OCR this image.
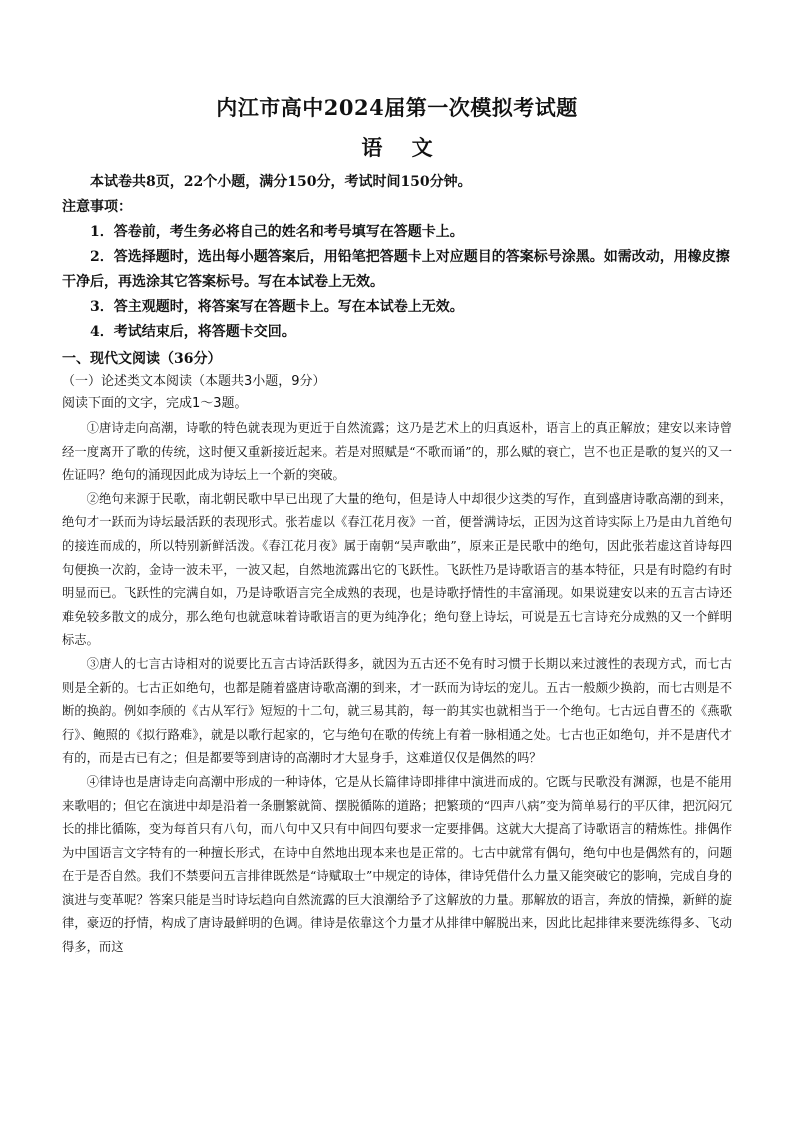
内江市高中2024届第一次模拟考试题
语 文

本试卷共8页，22个小题，满分150分，考试时间150分钟。

注意事项：

1．答卷前，考生务必将自己的姓名和考号填写在答题卡上。

2．答选择题时，选出每小题答案后，用铅笔把答题卡上对应题目的答案标号涂黑。如需改动，用橡皮擦干净后，再选涂其它答案标号。写在本试卷上无效。

3．答主观题时，将答案写在答题卡上。写在本试卷上无效。

4．考试结束后，将答题卡交回。

一、现代文阅读（36分）

（一）论述类文本阅读（本题共3小题，9分）

阅读下面的文字，完成1～3题。

①唐诗走向高潮，诗歌的特色就表现为更近于自然流露；这乃是艺术上的归真返朴，语言上的真正解放；建安以来诗曾经一度离开了歌的传统，这时便又重新接近起来。若是对照赋是“不歌而诵”的，那么赋的衰亡，岂不也正是歌的复兴的又一佐证吗？绝句的涌现因此成为诗坛上一个新的突破。

②绝句来源于民歌，南北朝民歌中早已出现了大量的绝句，但是诗人中却很少这类的写作，直到盛唐诗歌高潮的到来，绝句才一跃而为诗坛最活跃的表现形式。张若虚以《春江花月夜》一首，便誉满诗坛，正因为这首诗实际上乃是由九首绝句的接连而成的，所以特别新鲜活泼。《春江花月夜》属于南朝“吴声歌曲”，原来正是民歌中的绝句，因此张若虚这首诗每四句便换一次韵，金诗一波未平，一波又起，自然地流露出它的飞跃性。飞跃性乃是诗歌语言的基本特征，只是有时隐约有时明显而已。飞跃性的完满自如，乃是诗歌语言完全成熟的表现，也是诗歌抒情性的丰富涌现。如果说建安以来的五言古诗还难免较多散文的成分，那么绝句也就意味着诗歌语言的更为纯净化；绝句登上诗坛，可说是五七言诗充分成熟的又一个鲜明标志。

③唐人的七言古诗相对的说要比五言古诗活跃得多，就因为五古还不免有时习惯于长期以来过渡性的表现方式，而七古则是全新的。七古正如绝句，也都是随着盛唐诗歌高潮的到来，才一跃而为诗坛的宠儿。五古一般颇少换韵，而七古则是不断的换韵。例如李颀的《古从军行》短短的十二句，就三易其韵，每一韵其实也就相当于一个绝句。七古远自曹丕的《燕歌行》、鲍照的《拟行路难》，就是以歌行起家的，它与绝句在歌的传统上有着一脉相通之处。七古也正如绝句，并不是唐代才有的，而是古已有之；但是都要等到唐诗的高潮时才大显身手，这难道仅仅是偶然的吗？

④律诗也是唐诗走向高潮中形成的一种诗体，它是从长篇律诗即排律中演进而成的。它既与民歌没有渊源，也是不能用来歌唱的；但它在演进中却是沿着一条删繁就简、摆脱循陈的道路；把繁琐的“四声八病”变为简单易行的平仄律，把沉闷冗长的排比循陈，变为每首只有八句，而八句中又只有中间四句要求一定要排偶。这就大大提高了诗歌语言的精炼性。排偶作为中国语言文字特有的一种擅长形式，在诗中自然地出现本来也是正常的。七古中就常有偶句，绝句中也是偶然有的，问题在于是否自然。我们不禁要问五言排律既然是“诗赋取士”中规定的诗体，律诗凭借什么力量又能突破它的影响，完成自身的演进与变革呢？答案只能是当时诗坛趋向自然流露的巨大浪潮给予了这解放的力量。那解放的语言，奔放的情操，新鲜的旋律，豪迈的抒情，构成了唐诗最鲜明的色调。律诗是依靠这个力量才从排律中解脱出来，因此比起排律来要洗练得多、飞动得多，而这
